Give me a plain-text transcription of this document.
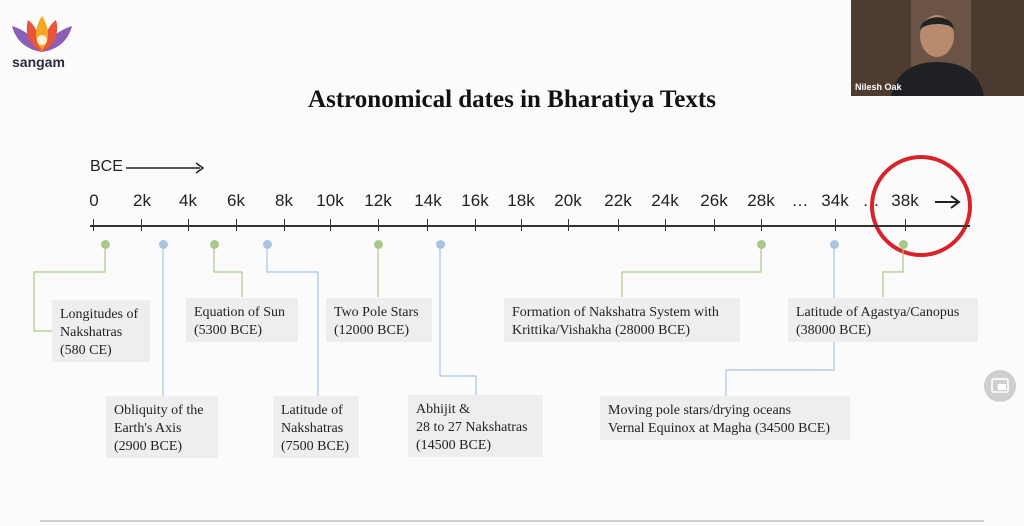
sangam
Astronomical dates in Bharatiya Texts
BCE
0	2k	4k	6k	8k	10k	12k	14k	16k	18k	20k	22k	24k	26k	28k … 34k … 38k
Longitudes of
Nakshatras
(580 CE)
Obliquity of the
Earth's Axis
(2900 BCE)
Equation of Sun
(5300 BCE)
Latitude of
Nakshatras
(7500 BCE)
Two Pole Stars
(12000 BCE)
Abhijit &
28 to 27 Nakshatras
(14500 BCE)
Formation of Nakshatra System with
Krittika/Vishakha (28000 BCE)
Moving pole stars/drying oceans
Vernal Equinox at Magha (34500 BCE)
Latitude of Agastya/Canopus
(38000 BCE)
Nilesh Oak
